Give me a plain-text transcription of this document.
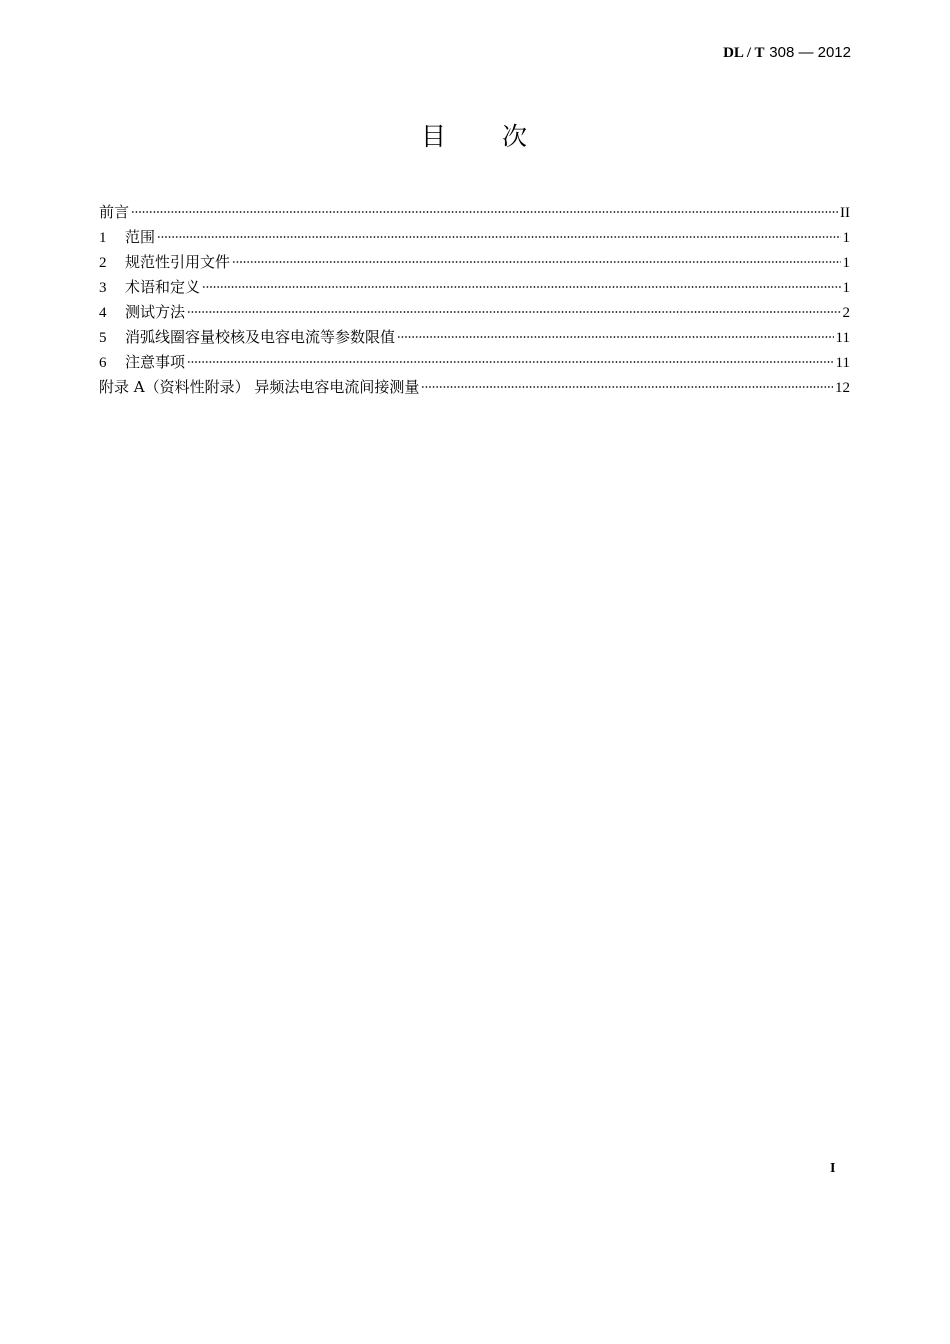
DL / T 308 — 2012
目　　次
前言	II
1	范围	1
2	规范性引用文件	1
3	术语和定义	1
4	测试方法	2
5	消弧线圈容量校核及电容电流等参数限值	11
6	注意事项	11
附录 A（资料性附录） 异频法电容电流间接测量	12
I
